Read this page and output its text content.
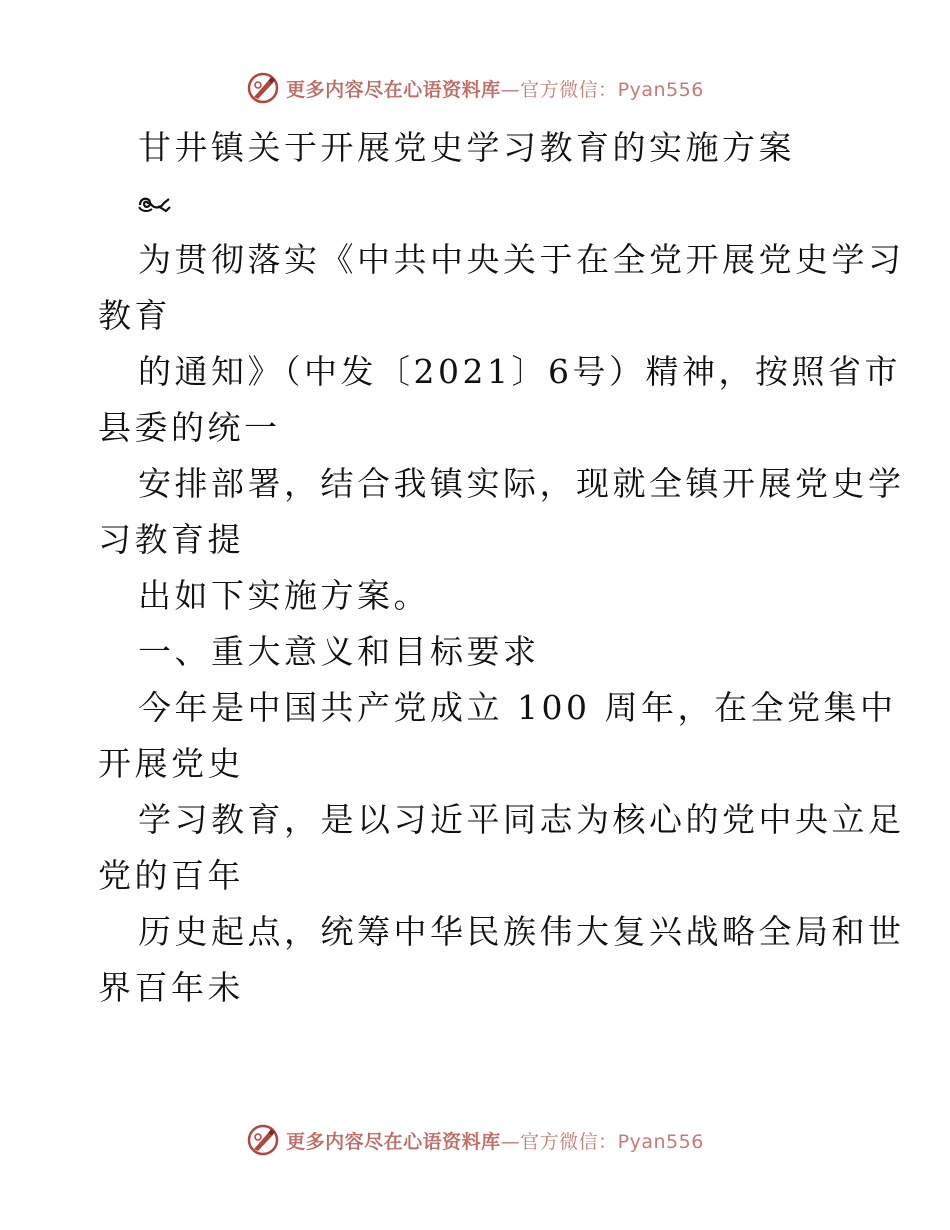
更多内容尽在心语资料库—官方微信：Pyan556
甘井镇关于开展党史学习教育的实施方案
为贯彻落实《中共中央关于在全党开展党史学习
教育
的通知》（中发〔2021〕6号）精神，按照省市
县委的统一
安排部署，结合我镇实际，现就全镇开展党史学
习教育提
出如下实施方案。
一、重大意义和目标要求
今年是中国共产党成立 100 周年，在全党集中
开展党史
学习教育，是以习近平同志为核心的党中央立足
党的百年
历史起点，统筹中华民族伟大复兴战略全局和世
界百年未
更多内容尽在心语资料库—官方微信：Pyan556
